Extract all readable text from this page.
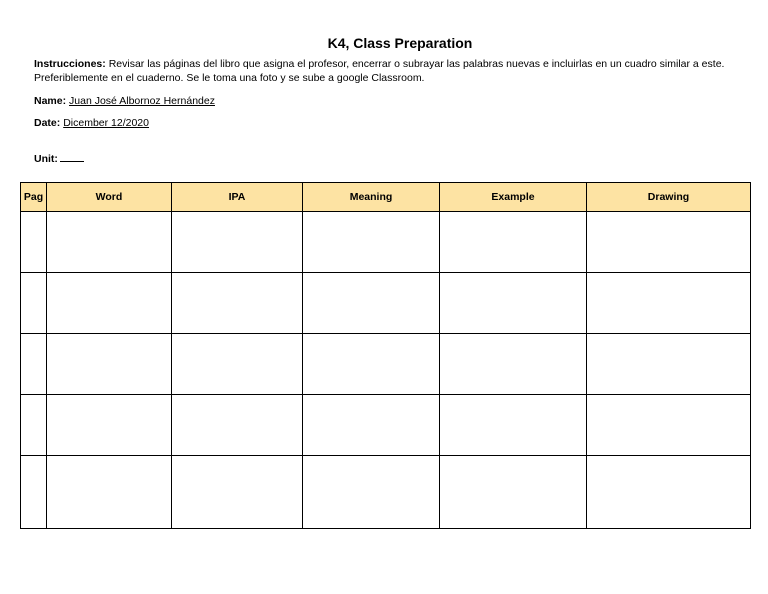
K4, Class Preparation
Instrucciones: Revisar las páginas del libro que asigna el profesor, encerrar o subrayar las palabras nuevas e incluirlas en un cuadro similar a este. Preferiblemente en el cuaderno. Se le toma una foto y se sube a google Classroom.
Name: Juan José Albornoz Hernández
Date: Dicember 12/2020
Unit:
Pag	Word	IPA	Meaning	Example	Drawing
